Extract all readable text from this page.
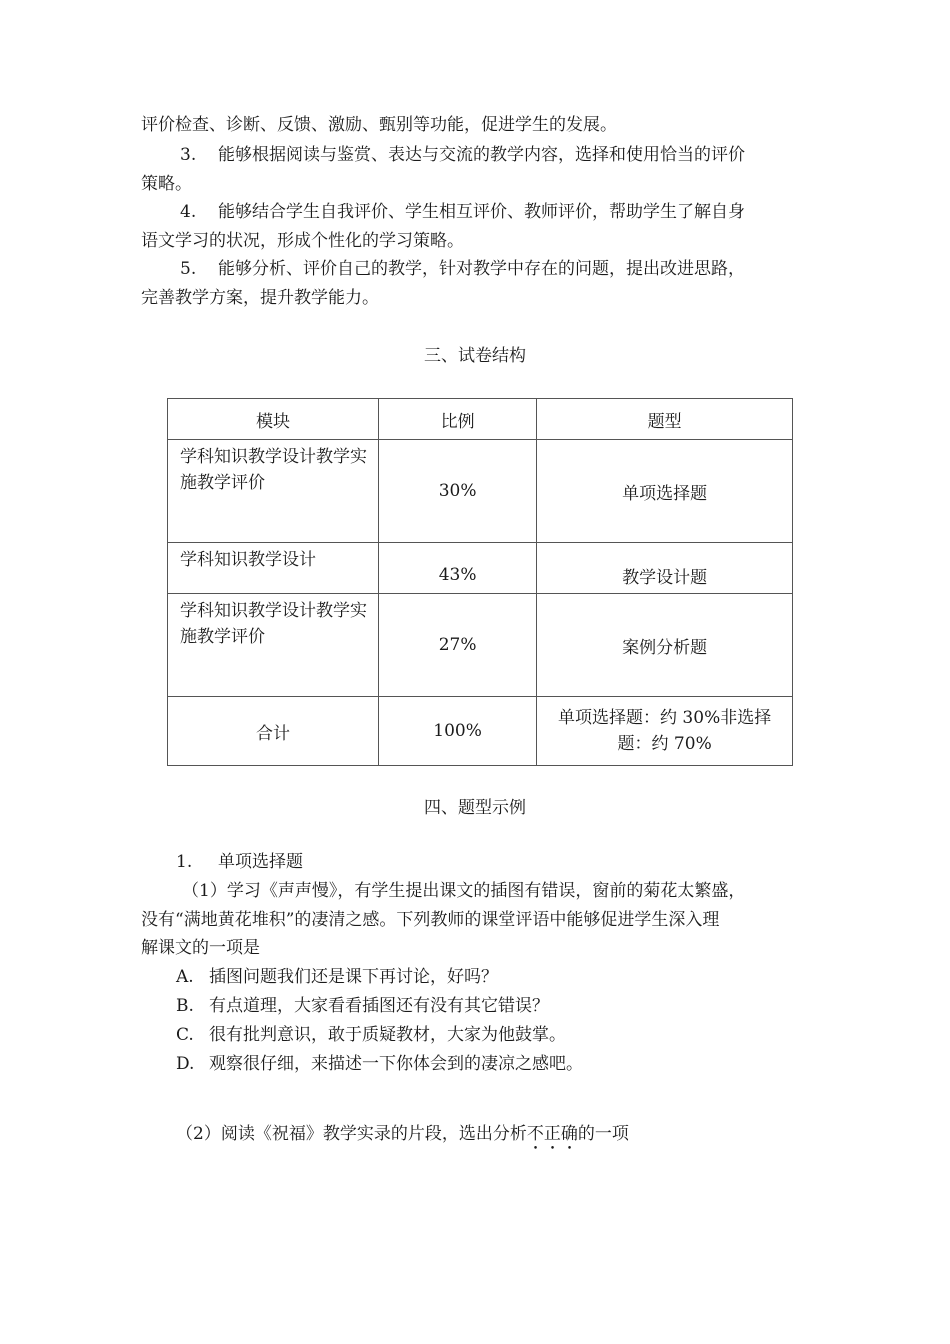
评价检查、诊断、反馈、激励、甄别等功能，促进学生的发展。
3. 能够根据阅读与鉴赏、表达与交流的教学内容，选择和使用恰当的评价
策略。
4. 能够结合学生自我评价、学生相互评价、教师评价，帮助学生了解自身
语文学习的状况，形成个性化的学习策略。
5. 能够分析、评价自己的教学，针对教学中存在的问题，提出改进思路，
完善教学方案，提升教学能力。
三、试卷结构
模块	比例	题型
学科知识教学设计教学实施教学评价	30%	单项选择题
学科知识教学设计	43%	教学设计题
学科知识教学设计教学实施教学评价	27%	案例分析题
合计	100%	单项选择题：约 30%非选择
题：约 70%
四、题型示例
1. 单项选择题
（1）学习《声声慢》，有学生提出课文的插图有错误，窗前的菊花太繁盛，
没有“满地黄花堆积”的凄清之感。下列教师的课堂评语中能够促进学生深入理
解课文的一项是
A. 插图问题我们还是课下再讨论，好吗？
B. 有点道理，大家看看插图还有没有其它错误？
C. 很有批判意识，敢于质疑教材，大家为他鼓掌。
D. 观察很仔细，来描述一下你体会到的凄凉之感吧。
（2）阅读《祝福》教学实录的片段，选出分析不正确的一项
